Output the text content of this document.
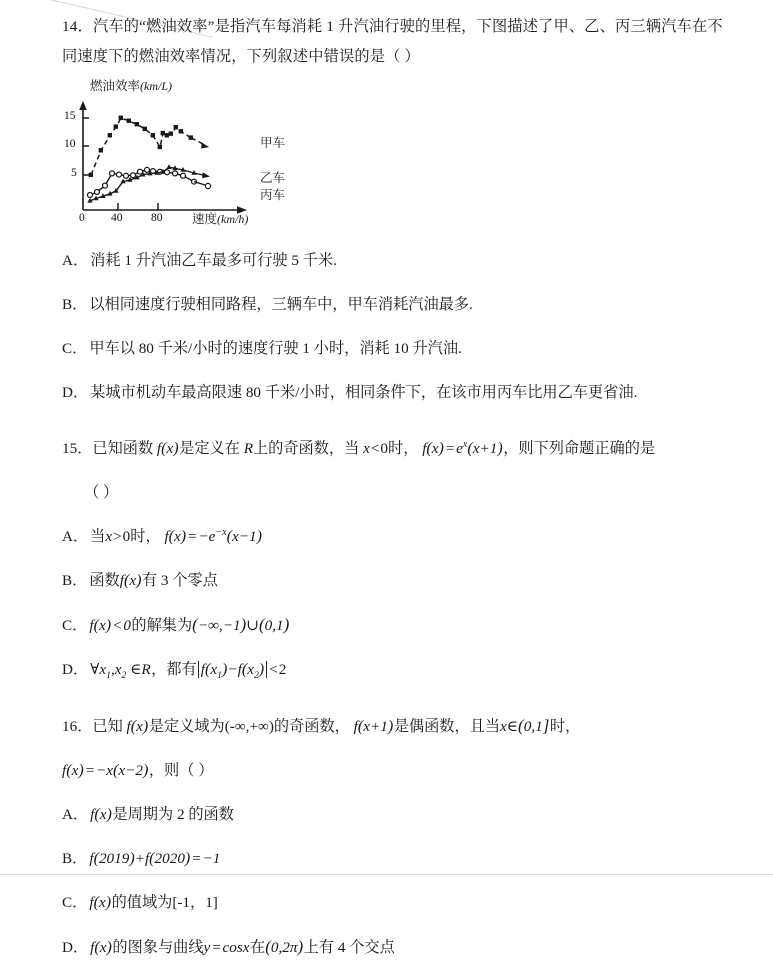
14．汽车的“燃油效率”是指汽车每消耗 1 升汽油行驶的里程，下图描述了甲、乙、丙三辆汽车在不
同速度下的燃油效率情况，下列叙述中错误的是（ ）
A． 消耗 1 升汽油乙车最多可行驶 5 千米.
B． 以相同速度行驶相同路程，三辆车中，甲车消耗汽油最多.
C． 甲车以 80 千米/小时的速度行驶 1 小时，消耗 10 升汽油.
D． 某城市机动车最高限速 80 千米/小时，相同条件下，在该市用丙车比用乙车更省油.
15．已知函数 f(x)是定义在 R上的奇函数，当 x<0时， $f(x)=e^x(x+1)$，则下列命题正确的是
（ ）
A． 当x>0时， $f(x)=-e^{-x}(x-1)$
B． 函数f(x)有 3 个零点
C． f(x)<0的解集为(−∞,−1)∪(0,1)
D． $\forall x_1,x_2$ ∈R，都有 $f(x_1)-f(x_2) <2$
16．已知 f(x)是定义域为(-∞,+∞)的奇函数， f(x+1)是偶函数，且当x∈(0,1]时，
f(x)=−x(x−2)，则（ ）
A． f(x)是周期为 2 的函数
B． f(2019)+f(2020)=−1
C． f(x)的值域为[-1，1]
D． f(x)的图象与曲线y=cosx在(0,2π)上有 4 个交点
燃油效率(km/L)
15
10
5
0 40 80 速度(km/h)
甲车
乙车
丙车
